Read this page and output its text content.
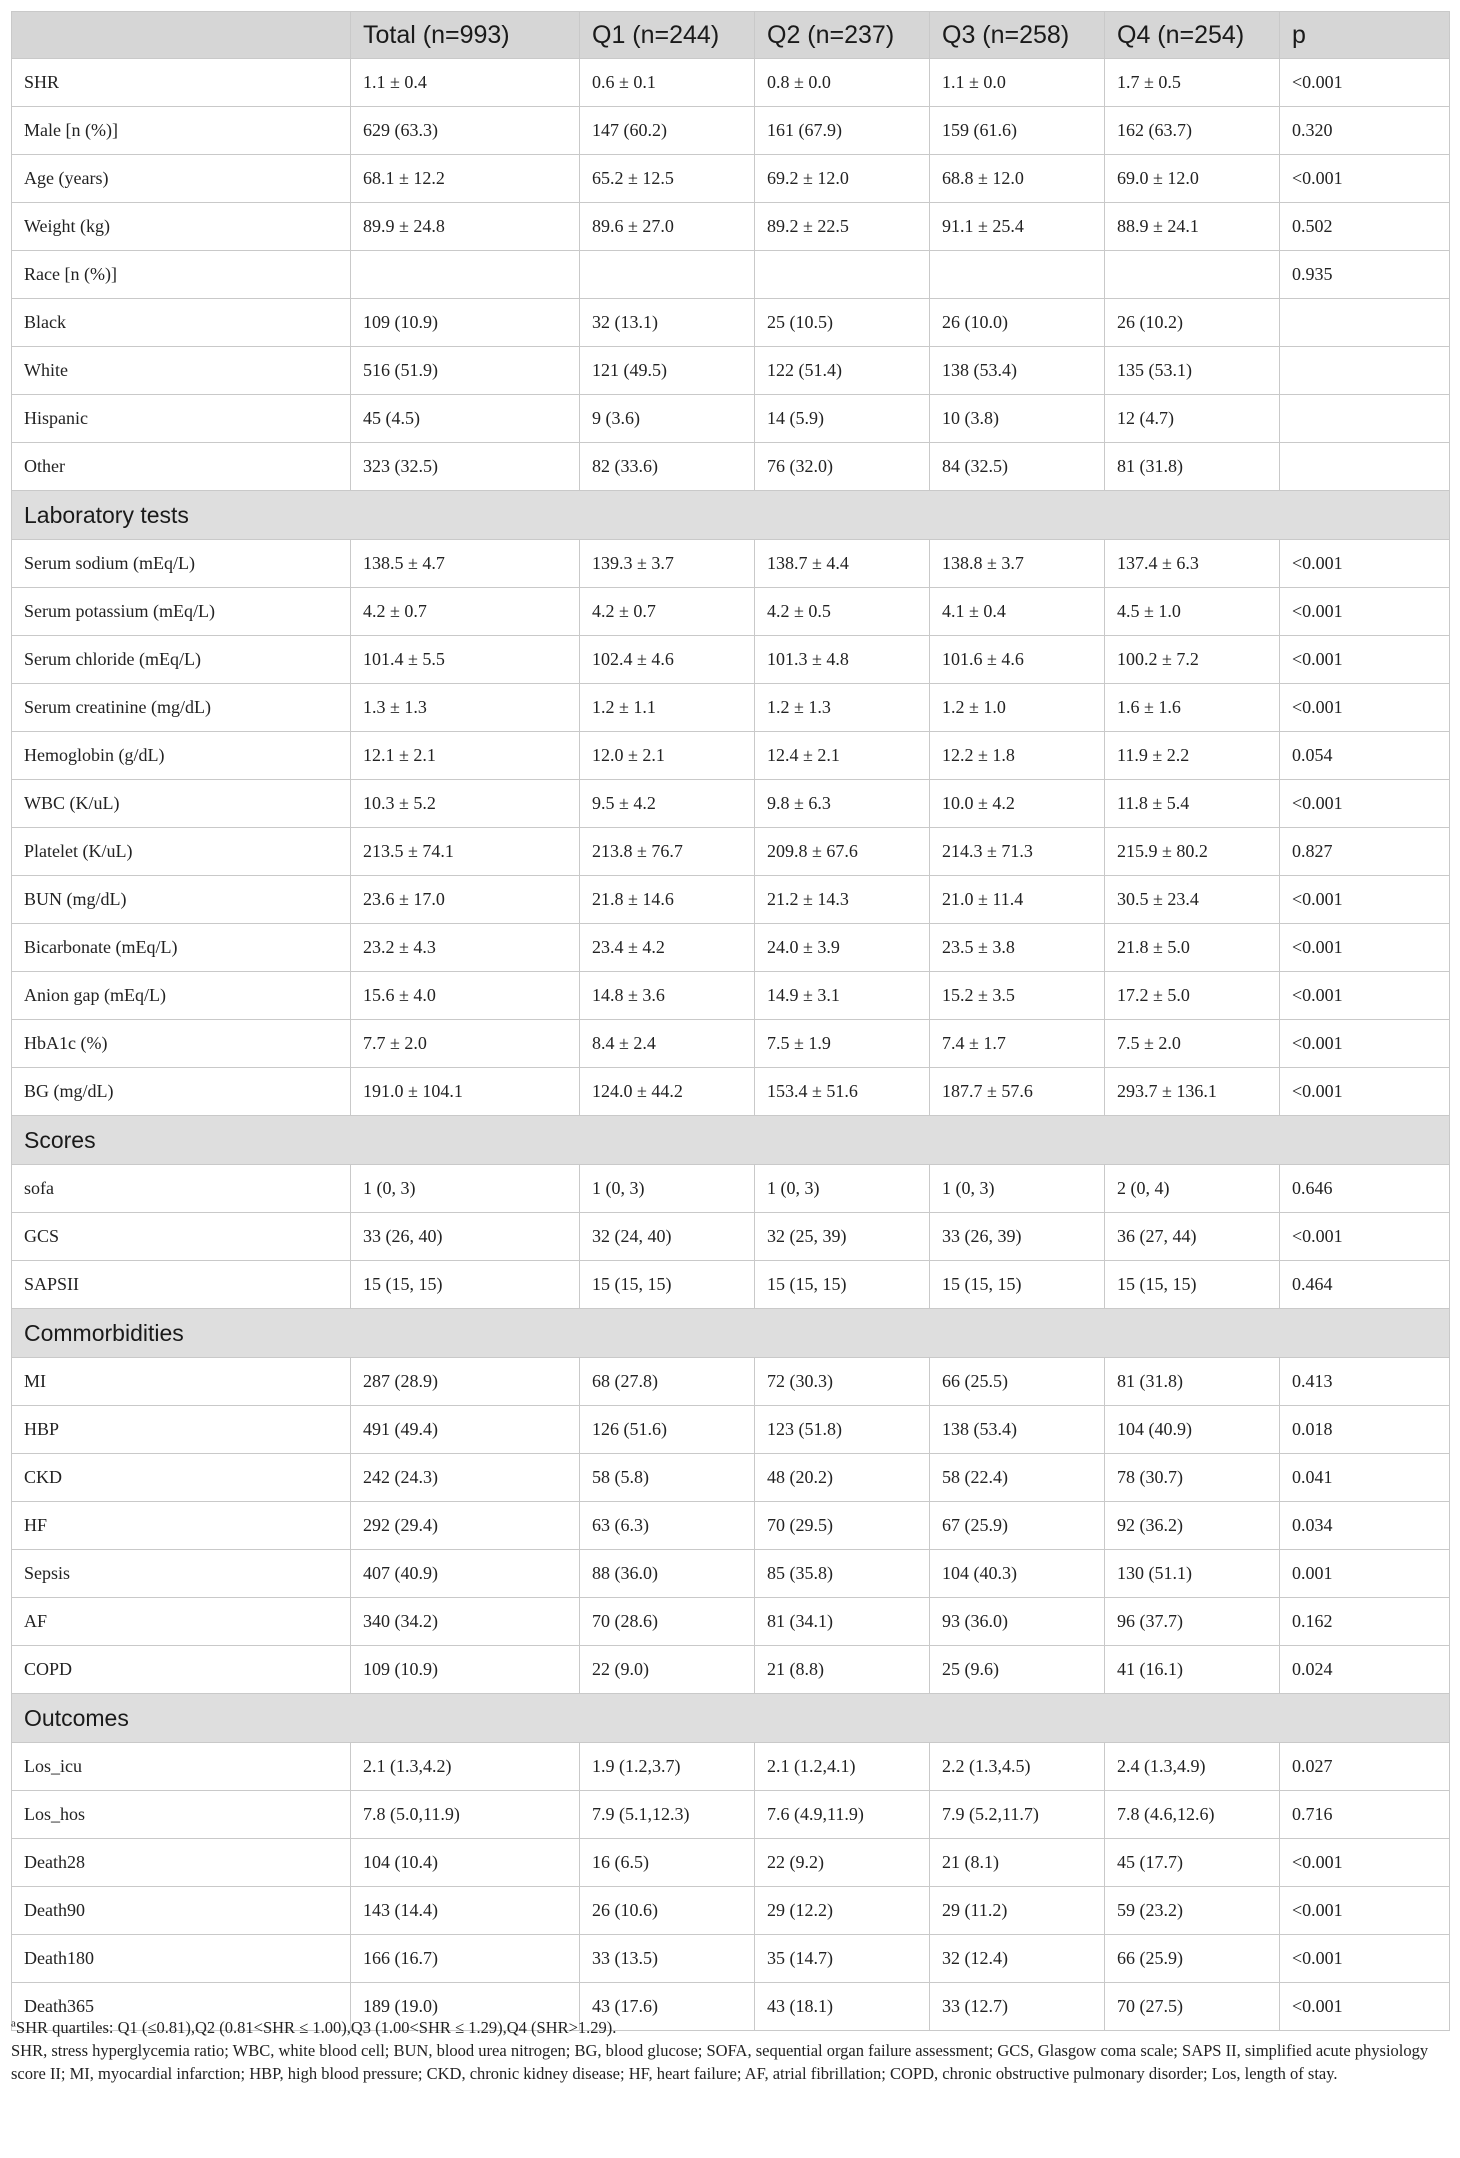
	Total (n=993)	Q1 (n=244)	Q2 (n=237)	Q3 (n=258)	Q4 (n=254)	p
SHR	1.1 ± 0.4	0.6 ± 0.1	0.8 ± 0.0	1.1 ± 0.0	1.7 ± 0.5	<0.001
Male [n (%)]	629 (63.3)	147 (60.2)	161 (67.9)	159 (61.6)	162 (63.7)	0.320
Age (years)	68.1 ± 12.2	65.2 ± 12.5	69.2 ± 12.0	68.8 ± 12.0	69.0 ± 12.0	<0.001
Weight (kg)	89.9 ± 24.8	89.6 ± 27.0	89.2 ± 22.5	91.1 ± 25.4	88.9 ± 24.1	0.502
Race [n (%)]						0.935
Black	109 (10.9)	32 (13.1)	25 (10.5)	26 (10.0)	26 (10.2)	
White	516 (51.9)	121 (49.5)	122 (51.4)	138 (53.4)	135 (53.1)	
Hispanic	45 (4.5)	9 (3.6)	14 (5.9)	10 (3.8)	12 (4.7)	
Other	323 (32.5)	82 (33.6)	76 (32.0)	84 (32.5)	81 (31.8)	
Laboratory tests						
Serum sodium (mEq/L)	138.5 ± 4.7	139.3 ± 3.7	138.7 ± 4.4	138.8 ± 3.7	137.4 ± 6.3	<0.001
Serum potassium (mEq/L)	4.2 ± 0.7	4.2 ± 0.7	4.2 ± 0.5	4.1 ± 0.4	4.5 ± 1.0	<0.001
Serum chloride (mEq/L)	101.4 ± 5.5	102.4 ± 4.6	101.3 ± 4.8	101.6 ± 4.6	100.2 ± 7.2	<0.001
Serum creatinine (mg/dL)	1.3 ± 1.3	1.2 ± 1.1	1.2 ± 1.3	1.2 ± 1.0	1.6 ± 1.6	<0.001
Hemoglobin (g/dL)	12.1 ± 2.1	12.0 ± 2.1	12.4 ± 2.1	12.2 ± 1.8	11.9 ± 2.2	0.054
WBC (K/uL)	10.3 ± 5.2	9.5 ± 4.2	9.8 ± 6.3	10.0 ± 4.2	11.8 ± 5.4	<0.001
Platelet (K/uL)	213.5 ± 74.1	213.8 ± 76.7	209.8 ± 67.6	214.3 ± 71.3	215.9 ± 80.2	0.827
BUN (mg/dL)	23.6 ± 17.0	21.8 ± 14.6	21.2 ± 14.3	21.0 ± 11.4	30.5 ± 23.4	<0.001
Bicarbonate (mEq/L)	23.2 ± 4.3	23.4 ± 4.2	24.0 ± 3.9	23.5 ± 3.8	21.8 ± 5.0	<0.001
Anion gap (mEq/L)	15.6 ± 4.0	14.8 ± 3.6	14.9 ± 3.1	15.2 ± 3.5	17.2 ± 5.0	<0.001
HbA1c (%)	7.7 ± 2.0	8.4 ± 2.4	7.5 ± 1.9	7.4 ± 1.7	7.5 ± 2.0	<0.001
BG (mg/dL)	191.0 ± 104.1	124.0 ± 44.2	153.4 ± 51.6	187.7 ± 57.6	293.7 ± 136.1	<0.001
Scores						
sofa	1 (0, 3)	1 (0, 3)	1 (0, 3)	1 (0, 3)	2 (0, 4)	0.646
GCS	33 (26, 40)	32 (24, 40)	32 (25, 39)	33 (26, 39)	36 (27, 44)	<0.001
SAPSII	15 (15, 15)	15 (15, 15)	15 (15, 15)	15 (15, 15)	15 (15, 15)	0.464
Commorbidities						
MI	287 (28.9)	68 (27.8)	72 (30.3)	66 (25.5)	81 (31.8)	0.413
HBP	491 (49.4)	126 (51.6)	123 (51.8)	138 (53.4)	104 (40.9)	0.018
CKD	242 (24.3)	58 (5.8)	48 (20.2)	58 (22.4)	78 (30.7)	0.041
HF	292 (29.4)	63 (6.3)	70 (29.5)	67 (25.9)	92 (36.2)	0.034
Sepsis	407 (40.9)	88 (36.0)	85 (35.8)	104 (40.3)	130 (51.1)	0.001
AF	340 (34.2)	70 (28.6)	81 (34.1)	93 (36.0)	96 (37.7)	0.162
COPD	109 (10.9)	22 (9.0)	21 (8.8)	25 (9.6)	41 (16.1)	0.024
Outcomes						
Los_icu	2.1 (1.3,4.2)	1.9 (1.2,3.7)	2.1 (1.2,4.1)	2.2 (1.3,4.5)	2.4 (1.3,4.9)	0.027
Los_hos	7.8 (5.0,11.9)	7.9 (5.1,12.3)	7.6 (4.9,11.9)	7.9 (5.2,11.7)	7.8 (4.6,12.6)	0.716
Death28	104 (10.4)	16 (6.5)	22 (9.2)	21 (8.1)	45 (17.7)	<0.001
Death90	143 (14.4)	26 (10.6)	29 (12.2)	29 (11.2)	59 (23.2)	<0.001
Death180	166 (16.7)	33 (13.5)	35 (14.7)	32 (12.4)	66 (25.9)	<0.001
Death365	189 (19.0)	43 (17.6)	43 (18.1)	33 (12.7)	70 (27.5)	<0.001

$^a$SHR quartiles: Q1 (≤0.81),Q2 (0.81<SHR ≤ 1.00),Q3 (1.00<SHR ≤ 1.29),Q4 (SHR>1.29).

SHR, stress hyperglycemia ratio; WBC, white blood cell; BUN, blood urea nitrogen; BG, blood glucose; SOFA, sequential organ failure assessment; GCS, Glasgow coma scale; SAPS II, simplified acute physiology score II; MI, myocardial infarction; HBP, high blood pressure; CKD, chronic kidney disease; HF, heart failure; AF, atrial fibrillation; COPD, chronic obstructive pulmonary disorder; Los, length of stay.
